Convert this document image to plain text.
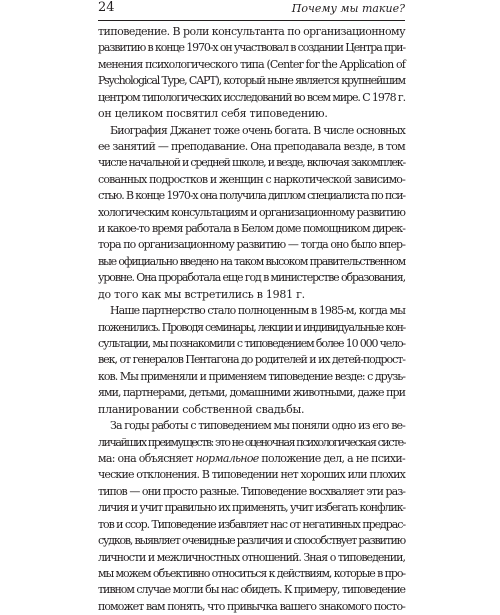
24	Почему мы такие?
типоведение. В роли консультанта по организационному
развитию в конце 1970-х он участвовал в создании Центра при-
менения психологического типа (Center for the Application of
Psychological Type, CAPT), который ныне является крупнейшим
центром типологических исследований во всем мире. С 1978 г.
он целиком посвятил себя типоведению.
Биография Джанет тоже очень богата. В числе основных
ее занятий — преподавание. Она преподавала везде, в том
числе начальной и средней школе, и везде, включая закомплек-
сованных подростков и женщин с наркотической зависимо-
стью. В конце 1970-х она получила диплом специалиста по пси-
хологическим консультациям и организационному развитию
и какое-то время работала в Белом доме помощником дирек-
тора по организационному развитию — тогда оно было впер-
вые официально введено на таком высоком правительственном
уровне. Она проработала еще год в министерстве образования,
до того как мы встретились в 1981 г.
Наше партнерство стало полноценным в 1985-м, когда мы
поженились. Проводя семинары, лекции и индивидуальные кон-
сультации, мы познакомили с типоведением более 10 000 чело-
век, от генералов Пентагона до родителей и их детей-подрост-
ков. Мы применяли и применяем типоведение везде: с друзь-
ями, партнерами, детьми, домашними животными, даже при
планировании собственной свадьбы.
За годы работы с типоведением мы поняли одно из его ве-
личайших преимуществ: это не оценочная психологическая систе-
ма: она объясняет нормальное положение дел, а не психи-
ческие отклонения. В типоведении нет хороших или плохих
типов — они просто разные. Типоведение восхваляет эти раз-
личия и учит правильно их применять, учит избегать конфлик-
тов и ссор. Типоведение избавляет нас от негативных предрас-
судков, выявляет очевидные различия и способствует развитию
личности и межличностных отношений. Зная о типоведении,
мы можем объективно относиться к действиям, которые в про-
тивном случае могли бы нас обидеть. К примеру, типоведение
поможет вам понять, что привычка вашего знакомого посто-
